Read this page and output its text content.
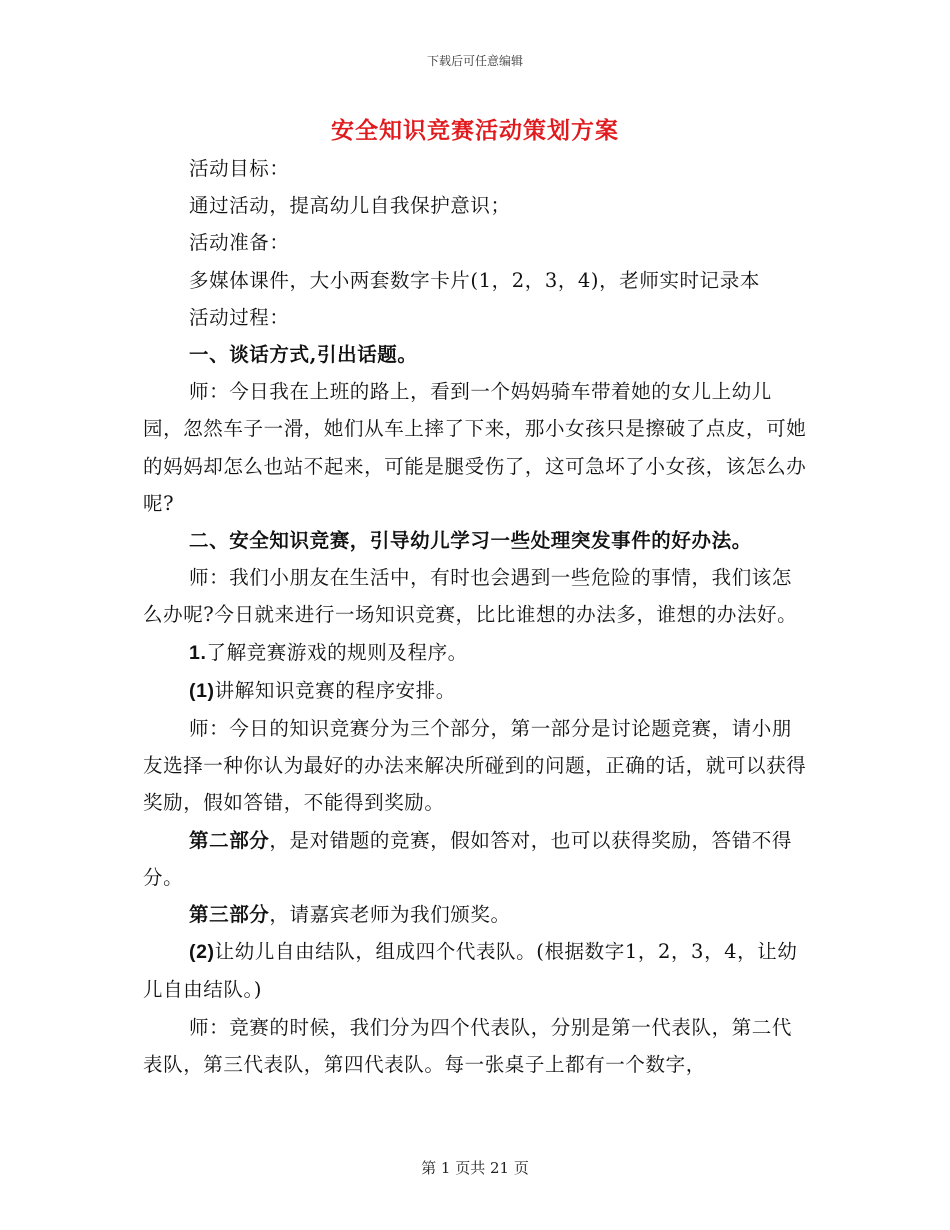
下载后可任意编辑
安全知识竞赛活动策划方案

活动目标：

通过活动，提高幼儿自我保护意识；

活动准备：

多媒体课件，大小两套数字卡片(1，2，3，4)，老师实时记录本

活动过程：

一、谈话方式,引出话题。

师：今日我在上班的路上，看到一个妈妈骑车带着她的女儿上幼儿园，忽然车子一滑，她们从车上摔了下来，那小女孩只是擦破了点皮，可她的妈妈却怎么也站不起来，可能是腿受伤了，这可急坏了小女孩，该怎么办呢?

二、安全知识竞赛，引导幼儿学习一些处理突发事件的好办法。

师：我们小朋友在生活中，有时也会遇到一些危险的事情，我们该怎么办呢?今日就来进行一场知识竞赛，比比谁想的办法多，谁想的办法好。

1.了解竞赛游戏的规则及程序。

(1)讲解知识竞赛的程序安排。

师：今日的知识竞赛分为三个部分，第一部分是讨论题竞赛，请小朋友选择一种你认为最好的办法来解决所碰到的问题，正确的话，就可以获得奖励，假如答错，不能得到奖励。

第二部分，是对错题的竞赛，假如答对，也可以获得奖励，答错不得分。

第三部分，请嘉宾老师为我们颁奖。

(2)让幼儿自由结队，组成四个代表队。(根据数字1，2，3，4，让幼儿自由结队。)

师：竞赛的时候，我们分为四个代表队，分别是第一代表队，第二代表队，第三代表队，第四代表队。每一张桌子上都有一个数字，

第 1 页共 21 页
